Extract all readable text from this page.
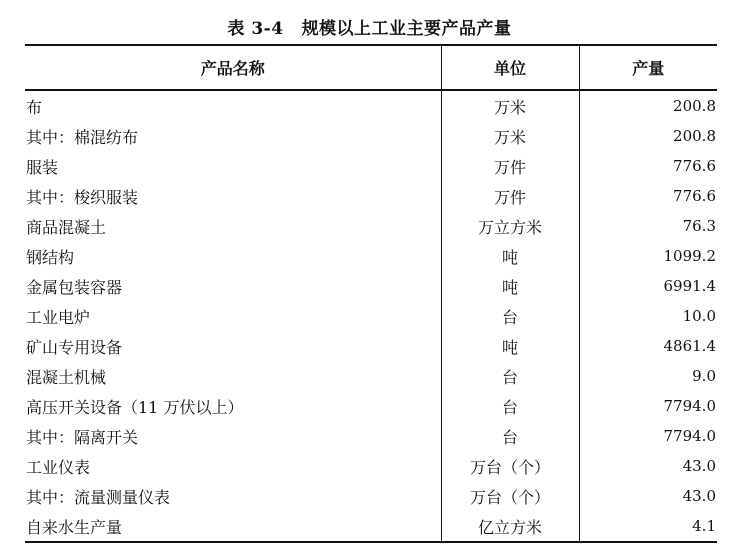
表 3-4 规模以上工业主要产品产量
产品名称	单位	产量
布	万米	200.8
其中：棉混纺布	万米	200.8
服装	万件	776.6
其中：梭织服装	万件	776.6
商品混凝土	万立方米	76.3
钢结构	吨	1099.2
金属包装容器	吨	6991.4
工业电炉	台	10.0
矿山专用设备	吨	4861.4
混凝土机械	台	9.0
高压开关设备（11 万伏以上）	台	7794.0
其中：隔离开关	台	7794.0
工业仪表	万台（个）	43.0
其中：流量测量仪表	万台（个）	43.0
自来水生产量	亿立方米	4.1
